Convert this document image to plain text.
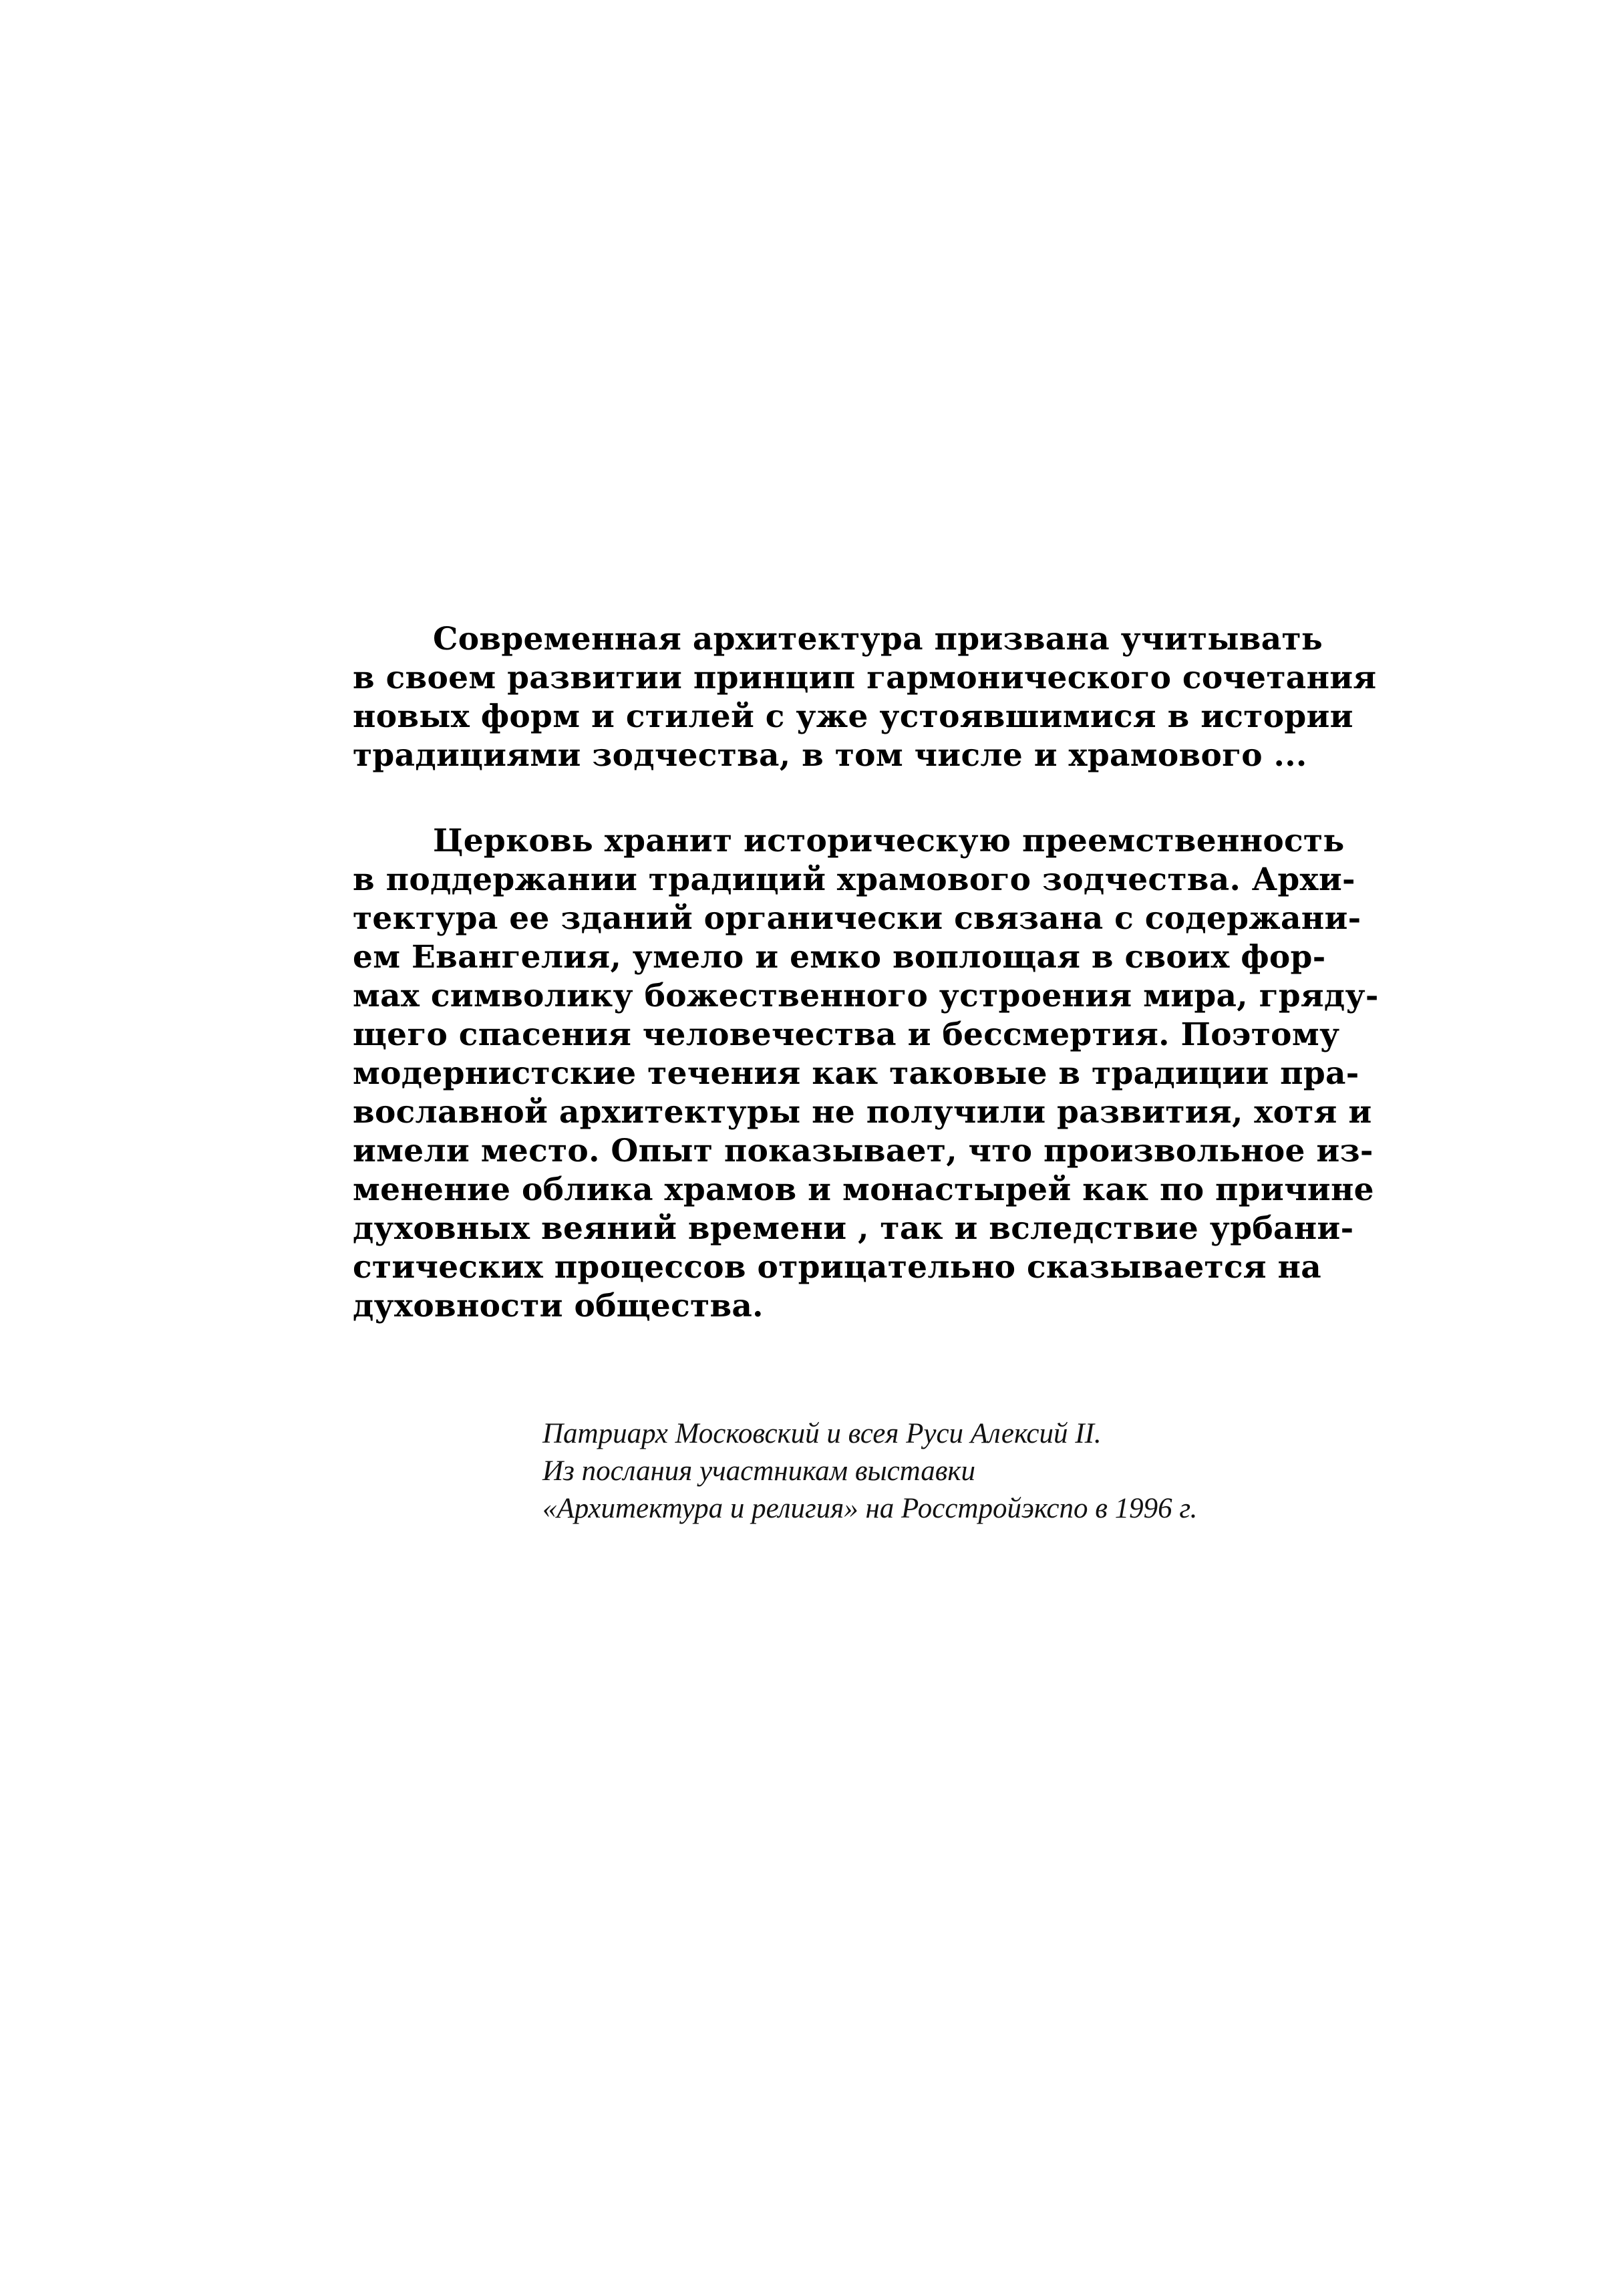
Современная архитектура призвана учитывать
в своем развитии принцип гармонического сочетания
новых форм и стилей с уже устоявшимися в истории
традициями зодчества, в том числе и храмового ...
Церковь хранит историческую преемственность
в поддержании традиций храмового зодчества. Архи-
тектура ее зданий органически связана с содержани-
ем Евангелия, умело и емко воплощая в своих фор-
мах символику божественного устроения мира, гряду-
щего спасения человечества и бессмертия. Поэтому
модернистские течения как таковые в традиции пра-
вославной архитектуры не получили развития, хотя и
имели место. Опыт показывает, что произвольное из-
менение облика храмов и монастырей как по причине
духовных веяний времени , так и вследствие урбани-
стических процессов отрицательно сказывается на
духовности общества.
Патриарх Московский и всея Руси Алексий II.
Из послания участникам выставки
«Архитектура и религия» на Росстройэкспо в 1996 г.
